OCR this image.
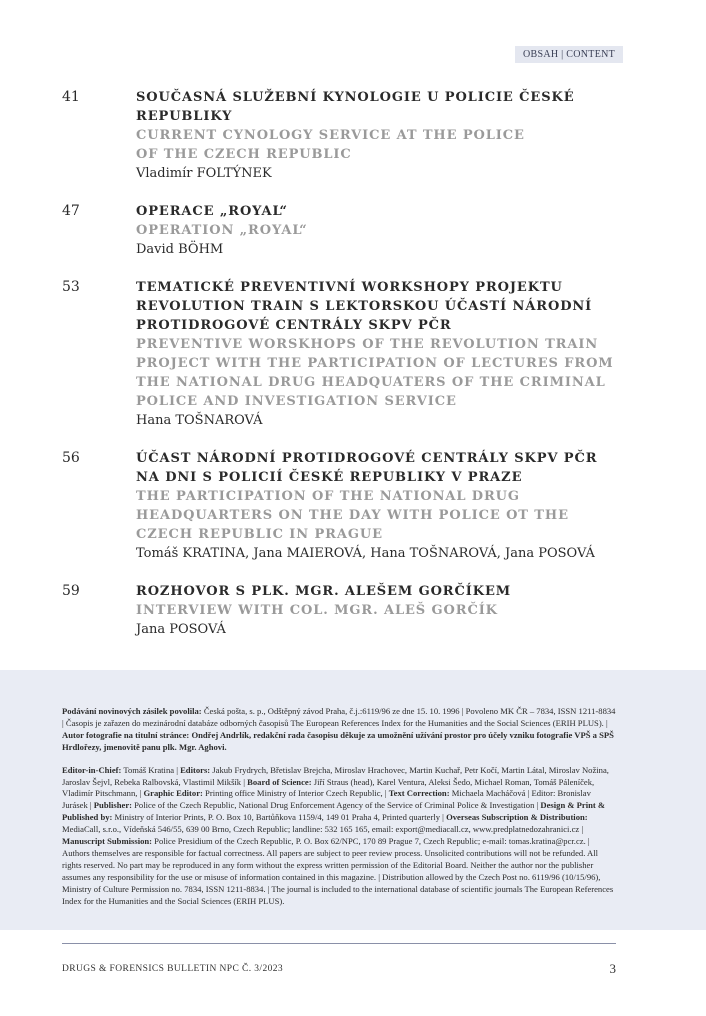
OBSAH | CONTENT
41	SOUČASNÁ SLUŽEBNÍ KYNOLOGIE U POLICIE ČESKÉ REPUBLIKY
CURRENT CYNOLOGY SERVICE AT THE POLICE
OF THE CZECH REPUBLIC
Vladimír FOLTÝNEK
47	OPERACE „ROYAL“
OPERATION „ROYAL“
David BÖHM
53	TEMATICKÉ PREVENTIVNÍ WORKSHOPY PROJEKTU
REVOLUTION TRAIN S LEKTORSKOU ÚČASTÍ NÁRODNÍ
PROTIDROGOVÉ CENTRÁLY SKPV PČR
PREVENTIVE WORSKHOPS OF THE REVOLUTION TRAIN
PROJECT WITH THE PARTICIPATION OF LECTURES FROM
THE NATIONAL DRUG HEADQUATERS OF THE CRIMINAL
POLICE AND INVESTIGATION SERVICE
Hana TOŠNAROVÁ
56	ÚČAST NÁRODNÍ PROTIDROGOVÉ CENTRÁLY SKPV PČR
NA DNI S POLICIÍ ČESKÉ REPUBLIKY V PRAZE
THE PARTICIPATION OF THE NATIONAL DRUG
HEADQUARTERS ON THE DAY WITH POLICE OT THE
CZECH REPUBLIC IN PRAGUE
Tomáš KRATINA, Jana MAIEROVÁ, Hana TOŠNAROVÁ, Jana POSOVÁ
59	ROZHOVOR S PLK. MGR. ALEŠEM GORČÍKEM
INTERVIEW WITH COL. MGR. ALEŠ GORČÍK
Jana POSOVÁ

Podávání novinových zásilek povolila: Česká pošta, s. p., Odštěpný závod Praha, č.j.:6119/96 ze dne 15. 10. 1996 | Povoleno MK ČR – 7834, ISSN 1211-8834 | Časopis je zařazen do mezinárodní databáze odborných časopisů The European References Index for the Humanities and the Social Sciences (ERIH PLUS). | Autor fotografie na titulní stránce: Ondřej Andrlík, redakční rada časopisu děkuje za umožnění užívání prostor pro účely vzniku fotografie VPŠ a SPŠ Hrdlořezy, jmenovitě panu plk. Mgr. Aghovi.

Editor-in-Chief: Tomáš Kratina | Editors: Jakub Frydrych, Břetislav Brejcha, Miroslav Hrachovec, Martin Kuchař, Petr Kočí, Martin Látal, Miroslav Nožina, Jaroslav Šejvl, Rebeka Ralbovská, Vlastimil Mikšík | Board of Science: Jiří Straus (head), Karel Ventura, Aleksi Šedo, Michael Roman, Tomáš Páleníček, Vladimír Pitschmann, | Graphic Editor: Printing office Ministry of Interior Czech Republic, | Text Correction: Michaela Macháčová | Editor: Bronislav Jurásek | Publisher: Police of the Czech Republic, National Drug Enforcement Agency of the Service of Criminal Police & Investigation | Design & Print & Published by: Ministry of Interior Prints, P. O. Box 10, Bartůňkova 1159/4, 149 01 Praha 4, Printed quarterly | Overseas Subscription & Distribution: MediaCall, s.r.o., Vídeňská 546/55, 639 00 Brno, Czech Republic; landline: 532 165 165, email: export@mediacall.cz, www.predplatnedozahranici.cz | Manuscript Submission: Police Presidium of the Czech Republic, P. O. Box 62/NPC, 170 89 Prague 7, Czech Republic; e-mail: tomas.kratina@pcr.cz. | Authors themselves are responsible for factual correctness. All papers are subject to peer review process. Unsolicited contributions will not be refunded. All rights reserved. No part may be reproduced in any form without the express written permission of the Editorial Board. Neither the author nor the publisher assumes any responsibility for the use or misuse of information contained in this magazine. | Distribution allowed by the Czech Post no. 6119/96 (10/15/96), Ministry of Culture Permission no. 7834, ISSN 1211-8834. | The journal is included to the international database of scientific journals The European References Index for the Humanities and the Social Sciences (ERIH PLUS).

DRUGS & FORENSICS BULLETIN NPC Č. 3/2023	3
